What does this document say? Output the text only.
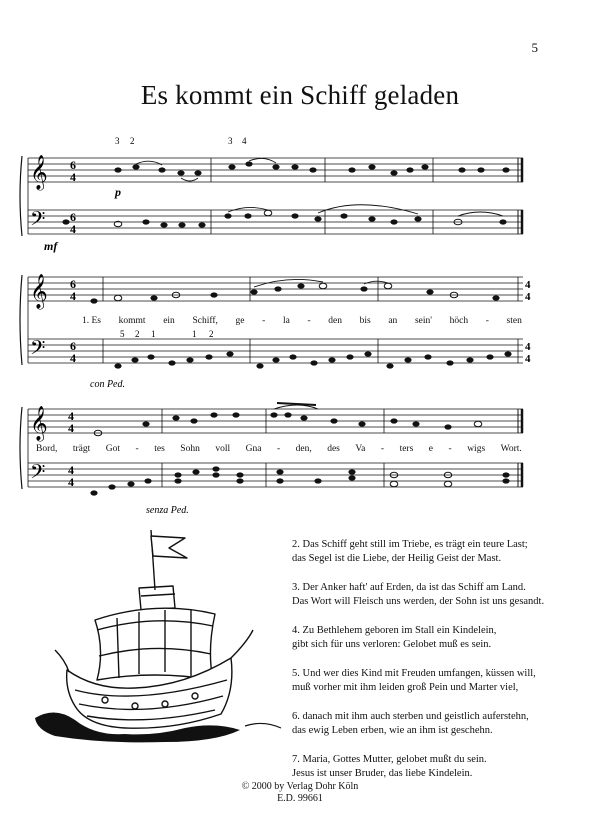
5
Es kommt ein Schiff geladen
𝄞
𝄢
6
4
6
4
3 2	3 4
p
mf
𝄞
𝄢
6
4
6
4
4
4
4
4
5 2 1	1 2
con Ped.
1. Es kommt ein Schiff, ge - la - den bis an sein' höch - sten
𝄞
𝄢
4
4
4
4
senza Ped.
Bord, trägt Got - tes Sohn voll Gna - den, des Va - ters e - wigs Wort.

2. Das Schiff geht still im Triebe, es trägt ein teure Last;

das Segel ist die Liebe, der Heilig Geist der Mast.

3. Der Anker haft' auf Erden, da ist das Schiff am Land.

Das Wort will Fleisch uns werden, der Sohn ist uns gesandt.

4. Zu Bethlehem geboren im Stall ein Kindelein,

gibt sich für uns verloren: Gelobet muß es sein.

5. Und wer dies Kind mit Freuden umfangen, küssen will,

muß vorher mit ihm leiden groß Pein und Marter viel,

6. danach mit ihm auch sterben und geistlich auferstehn,

das ewig Leben erben, wie an ihm ist geschehn.

7. Maria, Gottes Mutter, gelobet mußt du sein.

Jesus ist unser Bruder, das liebe Kindelein.

© 2000 by Verlag Dohr Köln
E.D. 99661
